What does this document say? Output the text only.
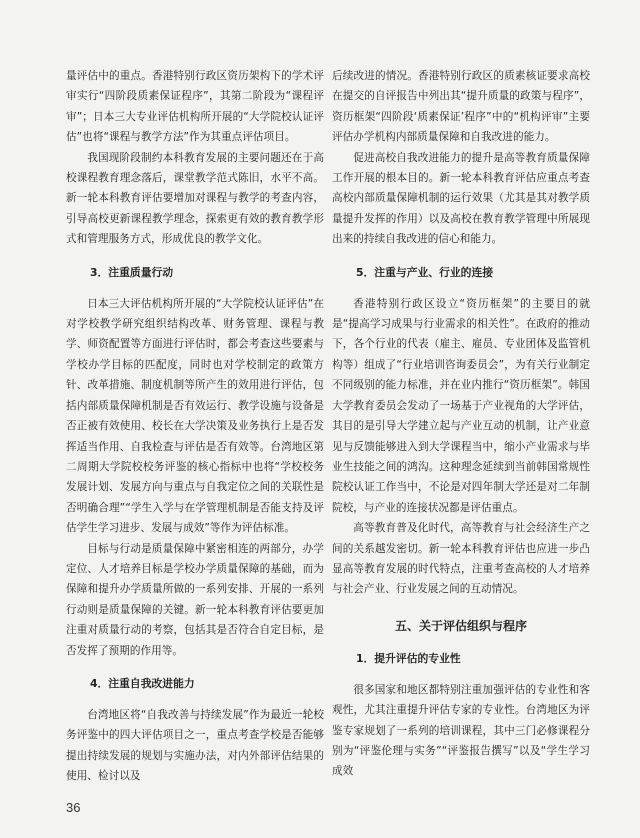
量评估中的重点。香港特别行政区资历架构下的学术评审实行“四阶段质素保证程序”，其第二阶段为“课程评审”；日本三大专业评估机构所开展的“大学院校认证评估”也将“课程与教学方法”作为其重点评估项目。

我国现阶段制约本科教育发展的主要问题还在于高校课程教育理念落后，课堂教学范式陈旧，水平不高。新一轮本科教育评估要增加对课程与教学的考查内容，引导高校更新课程教学理念，探索更有效的教育教学形式和管理服务方式，形成优良的教学文化。

3．注重质量行动

日本三大评估机构所开展的“大学院校认证评估”在对学校教学研究组织结构改革、财务管理、课程与教学、师资配置等方面进行评估时，都会考查这些要素与学校办学目标的匹配度，同时也对学校制定的政策方针、改革措施、制度机制等所产生的效用进行评估，包括内部质量保障机制是否有效运行、教学设施与设备是否正被有效使用、校长在大学决策及业务执行上是否发挥适当作用、自我检查与评估是否有效等。台湾地区第二周期大学院校校务评鉴的核心指标中也将“学校校务发展计划、发展方向与重点与自我定位之间的关联性是否明确合理”“学生入学与在学管理机制是否能支持及评估学生学习进步、发展与成效”等作为评估标准。

目标与行动是质量保障中紧密相连的两部分，办学定位、人才培养目标是学校办学质量保障的基础，而为保障和提升办学质量所做的一系列安排、开展的一系列行动则是质量保障的关键。新一轮本科教育评估要更加注重对质量行动的考察，包括其是否符合自定目标，是否发挥了预期的作用等。

4．注重自我改进能力

台湾地区将“自我改善与持续发展”作为最近一轮校务评鉴中的四大评估项目之一，重点考查学校是否能够提出持续发展的规划与实施办法，对内外部评估结果的使用、检讨以及

后续改进的情况。香港特别行政区的质素核证要求高校在提交的自评报告中列出其“提升质量的政策与程序”，资历框架“四阶段‘质素保证’程序”中的“机构评审”主要评估办学机构内部质量保障和自我改进的能力。

促进高校自我改进能力的提升是高等教育质量保障工作开展的根本目的。新一轮本科教育评估应重点考查高校内部质量保障机制的运行效果（尤其是其对教学质量提升发挥的作用）以及高校在教育教学管理中所展现出来的持续自我改进的信心和能力。

5．注重与产业、行业的连接

香港特别行政区设立“资历框架”的主要目的就是“提高学习成果与行业需求的相关性”。在政府的推动下，各个行业的代表（雇主、雇员、专业团体及监管机构等）组成了“行业培训咨询委员会”，为有关行业制定不同级别的能力标准，并在业内推行“资历框架”。韩国大学教育委员会发动了一场基于产业视角的大学评估，其目的是引导大学建立起与产业互动的机制，让产业意见与反馈能够进入到大学课程当中，缩小产业需求与毕业生技能之间的鸿沟。这种理念延续到当前韩国常规性院校认证工作当中，不论是对四年制大学还是对二年制院校，与产业的连接状况都是评估重点。

高等教育普及化时代，高等教育与社会经济生产之间的关系越发密切。新一轮本科教育评估也应进一步凸显高等教育发展的时代特点，注重考查高校的人才培养与社会产业、行业发展之间的互动情况。

五、关于评估组织与程序
1．提升评估的专业性

很多国家和地区都特别注重加强评估的专业性和客观性，尤其注重提升评估专家的专业性。台湾地区为评鉴专家规划了一系列的培训课程，其中三门必修课程分别为“评鉴伦理与实务”“评鉴报告撰写”以及“学生学习成效

36
